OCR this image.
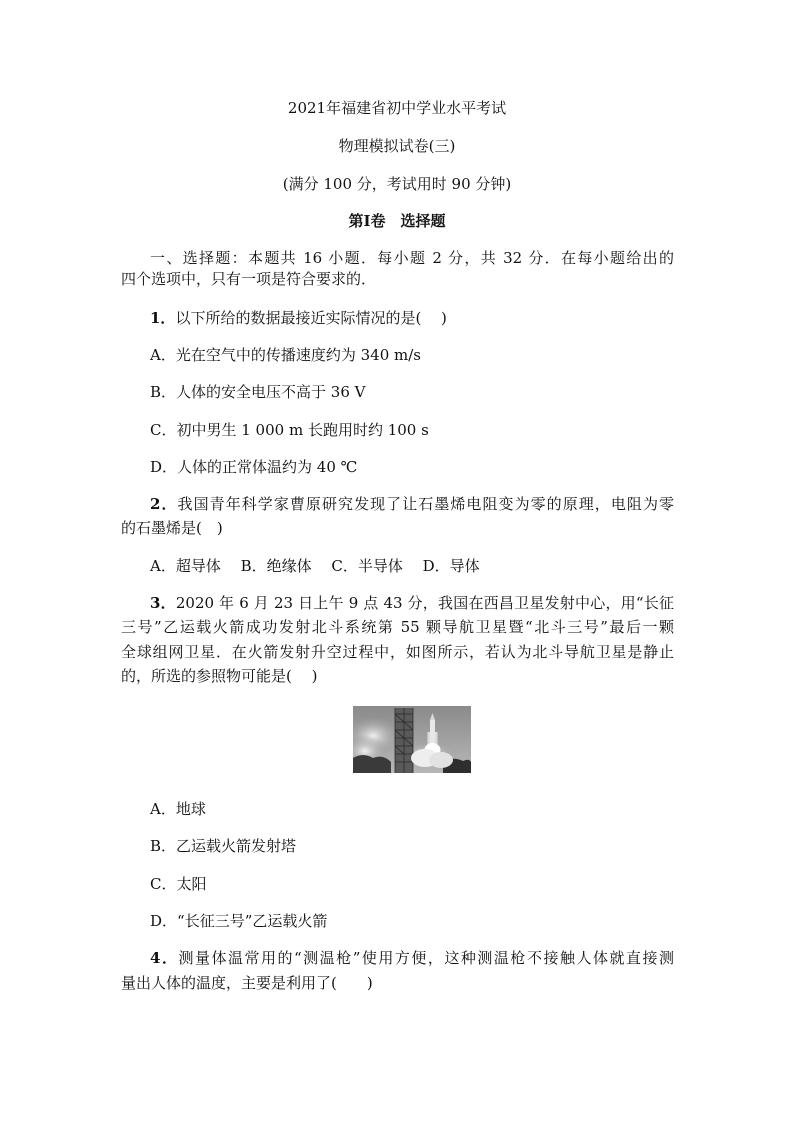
2021年福建省初中学业水平考试
物理模拟试卷(三)
(满分 100 分，考试用时 90 分钟)
第Ⅰ卷　选择题
一、选择题：本题共 16 小题．每小题 2 分，共 32 分．在每小题给出的
四个选项中，只有一项是符合要求的．
1．以下所给的数据最接近实际情况的是(　 )
A．光在空气中的传播速度约为 340 m/s
B．人体的安全电压不高于 36 V
C．初中男生 1 000 m 长跑用时约 100 s
D．人体的正常体温约为 40 ℃
2．我国青年科学家曹原研究发现了让石墨烯电阻变为零的原理，电阻为零
的石墨烯是(　)
A．超导体　 B．绝缘体　 C．半导体　 D．导体
3．2020 年 6 月 23 日上午 9 点 43 分，我国在西昌卫星发射中心，用“长征
三号”乙运载火箭成功发射北斗系统第 55 颗导航卫星暨“北斗三号”最后一颗
全球组网卫星．在火箭发射升空过程中，如图所示，若认为北斗导航卫星是静止
的，所选的参照物可能是(　 )
A．地球
B．乙运载火箭发射塔
C．太阳
D．“长征三号”乙运载火箭
4．测量体温常用的“测温枪”使用方便，这种测温枪不接触人体就直接测
量出人体的温度，主要是利用了(　　)
